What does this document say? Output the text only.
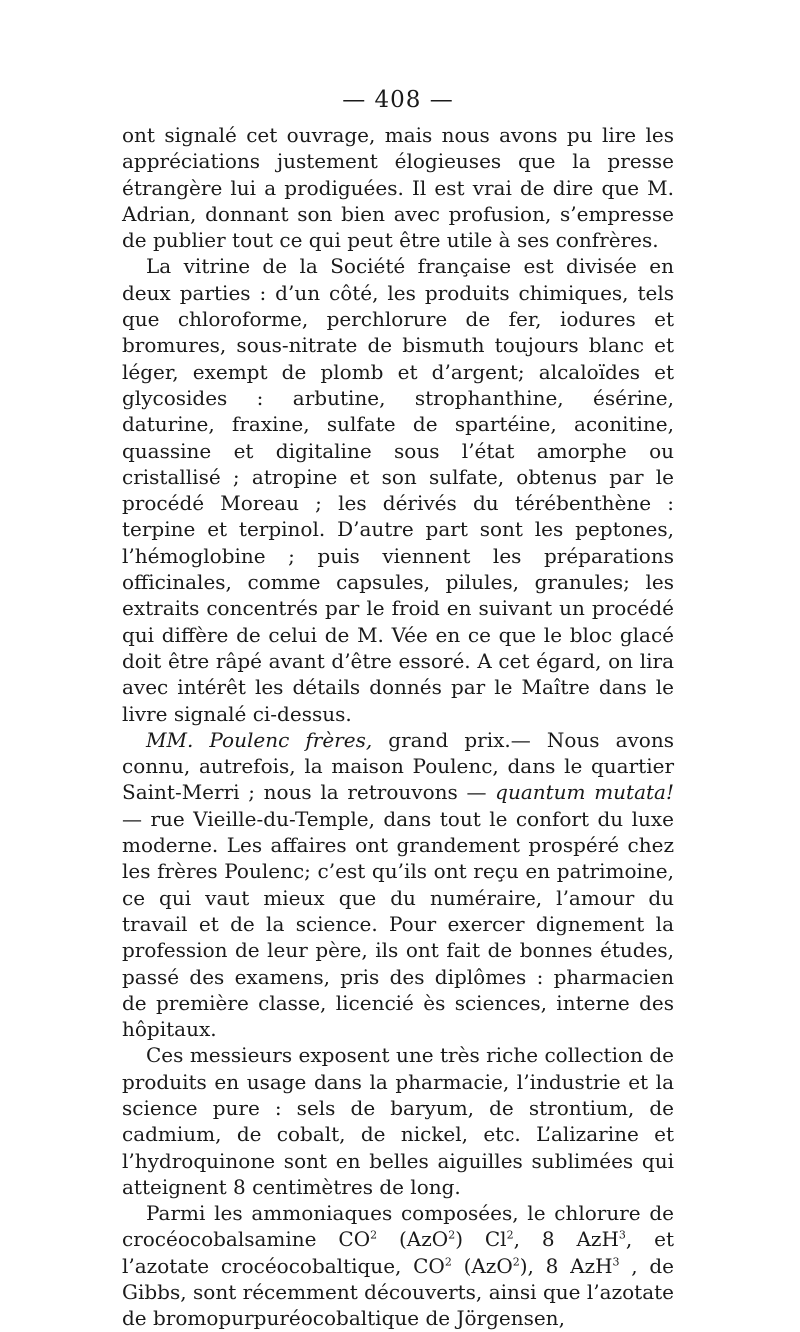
— 408 —

ont signalé cet ouvrage, mais nous avons pu lire les appréciations justement élogieuses que la presse étrangère lui a prodiguées. Il est vrai de dire que M. Adrian, donnant son bien avec profusion, s’empresse de publier tout ce qui peut être utile à ses confrères.

La vitrine de la Société française est divisée en deux parties : d’un côté, les produits chimiques, tels que chloroforme, perchlorure de fer, iodures et bromures, sous-nitrate de bismuth toujours blanc et léger, exempt de plomb et d’argent; alcaloïdes et glycosides : arbutine, strophanthine, ésérine, daturine, fraxine, sulfate de spartéine, aconitine, quassine et digitaline sous l’état amorphe ou cristallisé ; atropine et son sulfate, obtenus par le procédé Moreau ; les dérivés du térébenthène : terpine et terpinol. D’autre part sont les peptones, l’hémoglobine ; puis viennent les préparations officinales, comme capsules, pilules, granules; les extraits concentrés par le froid en suivant un procédé qui diffère de celui de M. Vée en ce que le bloc glacé doit être râpé avant d’être essoré. A cet égard, on lira avec intérêt les détails donnés par le Maître dans le livre signalé ci-dessus.

MM. Poulenc frères, grand prix.— Nous avons connu, autrefois, la maison Poulenc, dans le quartier Saint-Merri ; nous la retrouvons — quantum mutata! — rue Vieille-du-Temple, dans tout le confort du luxe moderne. Les affaires ont grandement prospéré chez les frères Poulenc; c’est qu’ils ont reçu en patrimoine, ce qui vaut mieux que du numéraire, l’amour du travail et de la science. Pour exercer dignement la profession de leur père, ils ont fait de bonnes études, passé des examens, pris des diplômes : pharmacien de première classe, licencié ès sciences, interne des hôpitaux.

Ces messieurs exposent une très riche collection de produits en usage dans la pharmacie, l’industrie et la science pure : sels de baryum, de strontium, de cadmium, de cobalt, de nickel, etc. L’alizarine et l’hydroquinone sont en belles aiguilles sublimées qui atteignent 8 centimètres de long.

Parmi les ammoniaques composées, le chlorure de crocéocobalsamine $CO^2$ (AzO$^2$) Cl$^2$, 8 AzH$^3$, et l’azotate crocéocobaltique, $CO^2$ (AzO$^2$), 8 AzH$^3$ , de Gibbs, sont récemment découverts, ainsi que l’azotate de bromopurpuréocobaltique de Jörgensen,
